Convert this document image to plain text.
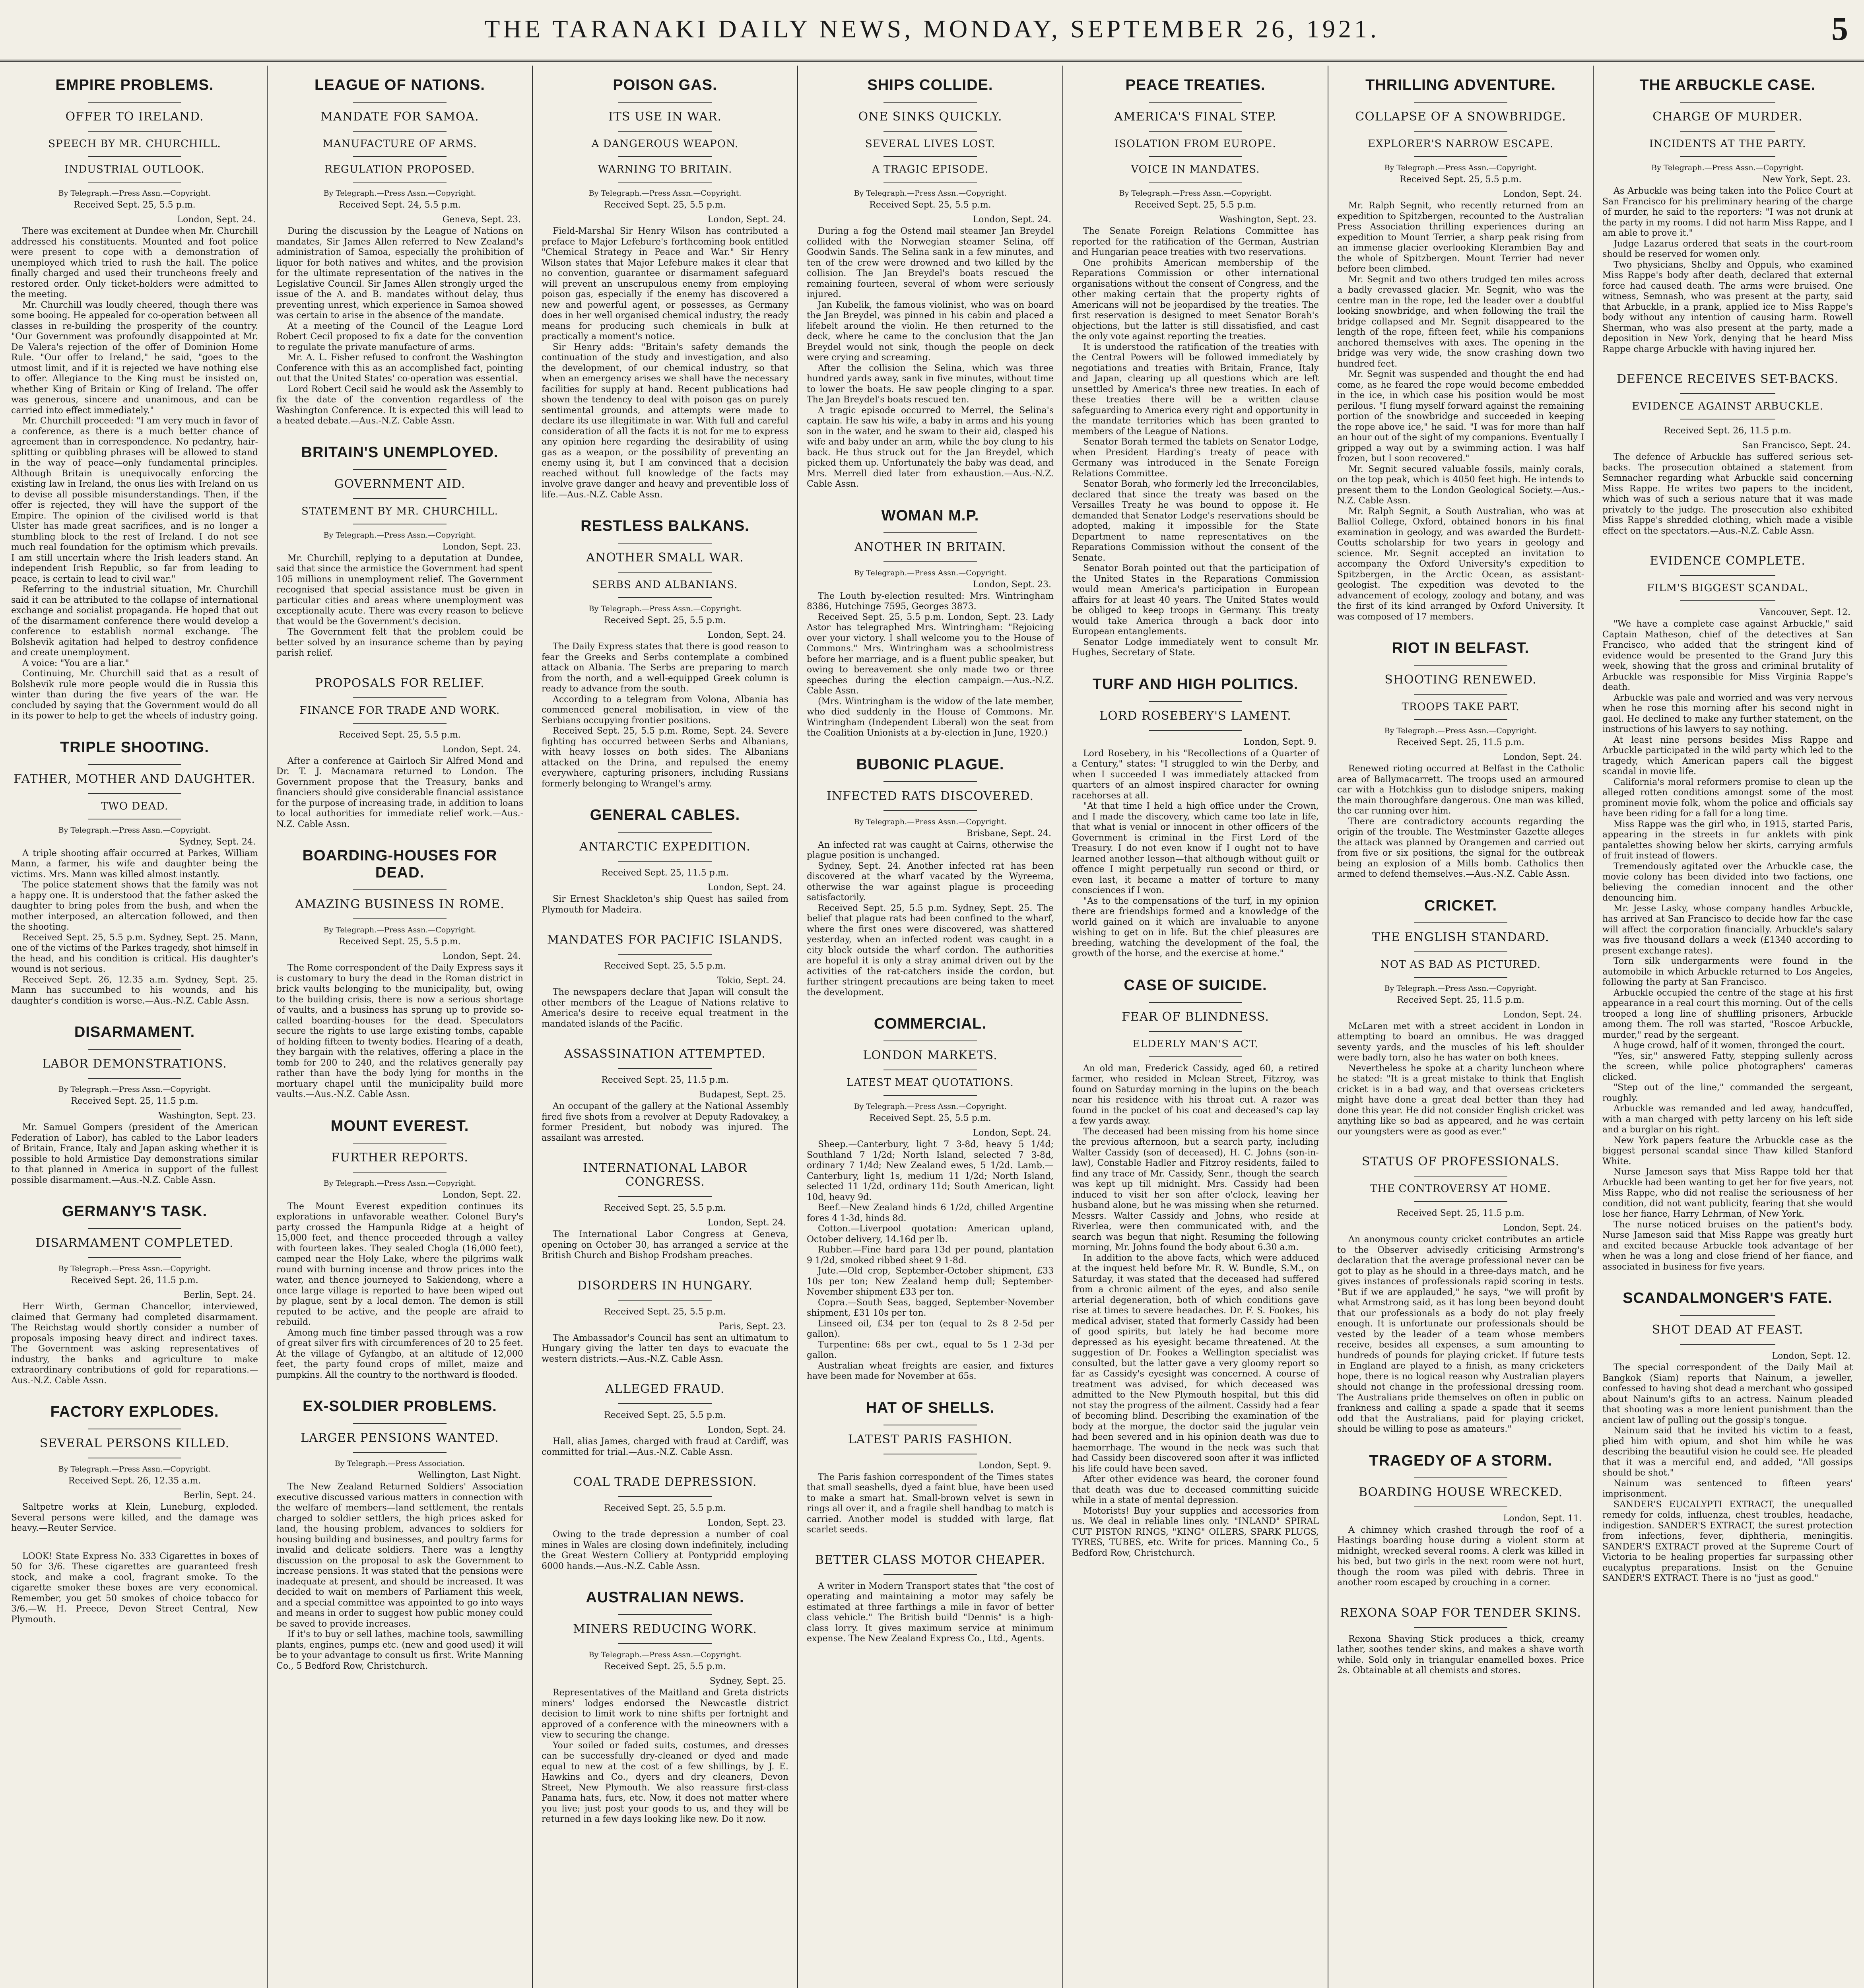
THE TARANAKI DAILY NEWS, MONDAY, SEPTEMBER 26, 1921.	5
EMPIRE PROBLEMS.
OFFER TO IRELAND.
SPEECH BY MR. CHURCHILL.
INDUSTRIAL OUTLOOK.
By Telegraph.—Press Assn.—Copyright.
Received Sept. 25, 5.5 p.m.
London, Sept. 24.

There was excitement at Dundee when Mr. Churchill addressed his constituents. Mounted and foot police were present to cope with a demonstration of unemployed which tried to rush the hall. The police finally charged and used their truncheons freely and restored order. Only ticket-holders were admitted to the meeting.

Mr. Churchill was loudly cheered, though there was some booing. He appealed for co-operation between all classes in re-building the prosperity of the country. "Our Government was profoundly disappointed at Mr. De Valera's rejection of the offer of Dominion Home Rule. "Our offer to Ireland," he said, "goes to the utmost limit, and if it is rejected we have nothing else to offer. Allegiance to the King must be insisted on, whether King of Britain or King of Ireland. The offer was generous, sincere and unanimous, and can be carried into effect immediately."

Mr. Churchill proceeded: "I am very much in favor of a conference, as there is a much better chance of agreement than in correspondence. No pedantry, hair-splitting or quibbling phrases will be allowed to stand in the way of peace—only fundamental principles. Although Britain is unequivocally enforcing the existing law in Ireland, the onus lies with Ireland on us to devise all possible misunderstandings. Then, if the offer is rejected, they will have the support of the Empire. The opinion of the civilised world is that Ulster has made great sacrifices, and is no longer a stumbling block to the rest of Ireland. I do not see much real foundation for the optimism which prevails. I am still uncertain where the Irish leaders stand. An independent Irish Republic, so far from leading to peace, is certain to lead to civil war."

Referring to the industrial situation, Mr. Churchill said it can be attributed to the collapse of international exchange and socialist propaganda. He hoped that out of the disarmament conference there would develop a conference to establish normal exchange. The Bolshevik agitation had helped to destroy confidence and create unemployment.

A voice: "You are a liar."

Continuing, Mr. Churchill said that as a result of Bolshevik rule more people would die in Russia this winter than during the five years of the war. He concluded by saying that the Government would do all in its power to help to get the wheels of industry going.

TRIPLE SHOOTING.
FATHER, MOTHER AND DAUGHTER.
TWO DEAD.
By Telegraph.—Press Assn.—Copyright.
Sydney, Sept. 24.

A triple shooting affair occurred at Parkes, William Mann, a farmer, his wife and daughter being the victims. Mrs. Mann was killed almost instantly.

The police statement shows that the family was not a happy one. It is understood that the father asked the daughter to bring poles from the bush, and when the mother interposed, an altercation followed, and then the shooting.

Received Sept. 25, 5.5 p.m. Sydney, Sept. 25. Mann, one of the victims of the Parkes tragedy, shot himself in the head, and his condition is critical. His daughter's wound is not serious.

Received Sept. 26, 12.35 a.m. Sydney, Sept. 25. Mann has succumbed to his wounds, and his daughter's condition is worse.—Aus.-N.Z. Cable Assn.

DISARMAMENT.
LABOR DEMONSTRATIONS.
By Telegraph.—Press Assn.—Copyright.
Received Sept. 25, 11.5 p.m.
Washington, Sept. 23.

Mr. Samuel Gompers (president of the American Federation of Labor), has cabled to the Labor leaders of Britain, France, Italy and Japan asking whether it is possible to hold Armistice Day demonstrations similar to that planned in America in support of the fullest possible disarmament.—Aus.-N.Z. Cable Assn.

GERMANY'S TASK.
DISARMAMENT COMPLETED.
By Telegraph.—Press Assn.—Copyright.
Received Sept. 26, 11.5 p.m.
Berlin, Sept. 24.

Herr Wirth, German Chancellor, interviewed, claimed that Germany had completed disarmament. The Reichstag would shortly consider a number of proposals imposing heavy direct and indirect taxes. The Government was asking representatives of industry, the banks and agriculture to make extraordinary contributions of gold for reparations.—Aus.-N.Z. Cable Assn.

FACTORY EXPLODES.
SEVERAL PERSONS KILLED.
By Telegraph.—Press Assn.—Copyright.
Received Sept. 26, 12.35 a.m.
Berlin, Sept. 24.

Saltpetre works at Klein, Luneburg, exploded. Several persons were killed, and the damage was heavy.—Reuter Service.

LOOK! State Express No. 333 Cigarettes in boxes of 50 for 3/6. These cigarettes are guaranteed fresh stock, and make a cool, fragrant smoke. To the cigarette smoker these boxes are very economical. Remember, you get 50 smokes of choice tobacco for 3/6.—W. H. Preece, Devon Street Central, New Plymouth.

LEAGUE OF NATIONS.
MANDATE FOR SAMOA.
MANUFACTURE OF ARMS.
REGULATION PROPOSED.
By Telegraph.—Press Assn.—Copyright.
Received Sept. 24, 5.5 p.m.
Geneva, Sept. 23.

During the discussion by the League of Nations on mandates, Sir James Allen referred to New Zealand's administration of Samoa, especially the prohibition of liquor for both natives and whites, and the provision for the ultimate representation of the natives in the Legislative Council. Sir James Allen strongly urged the issue of the A. and B. mandates without delay, thus preventing unrest, which experience in Samoa showed was certain to arise in the absence of the mandate.

At a meeting of the Council of the League Lord Robert Cecil proposed to fix a date for the convention to regulate the private manufacture of arms.

Mr. A. L. Fisher refused to confront the Washington Conference with this as an accomplished fact, pointing out that the United States' co-operation was essential.

Lord Robert Cecil said he would ask the Assembly to fix the date of the convention regardless of the Washington Conference. It is expected this will lead to a heated debate.—Aus.-N.Z. Cable Assn.

BRITAIN'S UNEMPLOYED.
GOVERNMENT AID.
STATEMENT BY MR. CHURCHILL.
By Telegraph.—Press Assn.—Copyright.
London, Sept. 23.

Mr. Churchill, replying to a deputation at Dundee, said that since the armistice the Government had spent 105 millions in unemployment relief. The Government recognised that special assistance must be given in particular cities and areas where unemployment was exceptionally acute. There was every reason to believe that would be the Government's decision.

The Government felt that the problem could be better solved by an insurance scheme than by paying parish relief.

PROPOSALS FOR RELIEF.
FINANCE FOR TRADE AND WORK.
Received Sept. 25, 5.5 p.m.
London, Sept. 24.

After a conference at Gairloch Sir Alfred Mond and Dr. T. J. Macnamara returned to London. The Government propose that the Treasury, banks and financiers should give considerable financial assistance for the purpose of increasing trade, in addition to loans to local authorities for immediate relief work.—Aus.-N.Z. Cable Assn.

BOARDING-HOUSES FOR DEAD.
AMAZING BUSINESS IN ROME.
By Telegraph.—Press Assn.—Copyright.
Received Sept. 25, 5.5 p.m.
London, Sept. 24.

The Rome correspondent of the Daily Express says it is customary to bury the dead in the Roman district in brick vaults belonging to the municipality, but, owing to the building crisis, there is now a serious shortage of vaults, and a business has sprung up to provide so-called boarding-houses for the dead. Speculators secure the rights to use large existing tombs, capable of holding fifteen to twenty bodies. Hearing of a death, they bargain with the relatives, offering a place in the tomb for 200 to 240, and the relatives generally pay rather than have the body lying for months in the mortuary chapel until the municipality build more vaults.—Aus.-N.Z. Cable Assn.

MOUNT EVEREST.
FURTHER REPORTS.
By Telegraph.—Press Assn.—Copyright.
London, Sept. 22.

The Mount Everest expedition continues its explorations in unfavorable weather. Colonel Bury's party crossed the Hampunla Ridge at a height of 15,000 feet, and thence proceeded through a valley with fourteen lakes. They sealed Chogla (16,000 feet), camped near the Holy Lake, where the pilgrims walk round with burning incense and throw prices into the water, and thence journeyed to Sakiendong, where a once large village is reported to have been wiped out by plague, sent by a local demon. The demon is still reputed to be active, and the people are afraid to rebuild.

Among much fine timber passed through was a row of great silver firs with circumferences of 20 to 25 feet. At the village of Gyfangbo, at an altitude of 12,000 feet, the party found crops of millet, maize and pumpkins. All the country to the northward is flooded.

EX-SOLDIER PROBLEMS.
LARGER PENSIONS WANTED.
By Telegraph.—Press Association.
Wellington, Last Night.

The New Zealand Returned Soldiers' Association executive discussed various matters in connection with the welfare of members—land settlement, the rentals charged to soldier settlers, the high prices asked for land, the housing problem, advances to soldiers for housing building and businesses, and poultry farms for invalid and delicate soldiers. There was a lengthy discussion on the proposal to ask the Government to increase pensions. It was stated that the pensions were inadequate at present, and should be increased. It was decided to wait on members of Parliament this week, and a special committee was appointed to go into ways and means in order to suggest how public money could be saved to provide increases.

If it's to buy or sell lathes, machine tools, sawmilling plants, engines, pumps etc. (new and good used) it will be to your advantage to consult us first. Write Manning Co., 5 Bedford Row, Christchurch.

POISON GAS.
ITS USE IN WAR.
A DANGEROUS WEAPON.
WARNING TO BRITAIN.
By Telegraph.—Press Assn.—Copyright.
Received Sept. 25, 5.5 p.m.
London, Sept. 24.

Field-Marshal Sir Henry Wilson has contributed a preface to Major Lefebure's forthcoming book entitled "Chemical Strategy in Peace and War." Sir Henry Wilson states that Major Lefebure makes it clear that no convention, guarantee or disarmament safeguard will prevent an unscrupulous enemy from employing poison gas, especially if the enemy has discovered a new and powerful agent, or possesses, as Germany does in her well organised chemical industry, the ready means for producing such chemicals in bulk at practically a moment's notice.

Sir Henry adds: "Britain's safety demands the continuation of the study and investigation, and also the development, of our chemical industry, so that when an emergency arises we shall have the necessary facilities for supply at hand. Recent publications had shown the tendency to deal with poison gas on purely sentimental grounds, and attempts were made to declare its use illegitimate in war. With full and careful consideration of all the facts it is not for me to express any opinion here regarding the desirability of using gas as a weapon, or the possibility of preventing an enemy using it, but I am convinced that a decision reached without full knowledge of the facts may involve grave danger and heavy and preventible loss of life.—Aus.-N.Z. Cable Assn.

RESTLESS BALKANS.
ANOTHER SMALL WAR.
SERBS AND ALBANIANS.
By Telegraph.—Press Assn.—Copyright.
Received Sept. 25, 5.5 p.m.
London, Sept. 24.

The Daily Express states that there is good reason to fear the Greeks and Serbs contemplate a combined attack on Albania. The Serbs are preparing to march from the north, and a well-equipped Greek column is ready to advance from the south.

According to a telegram from Volona, Albania has commenced general mobilisation, in view of the Serbians occupying frontier positions.

Received Sept. 25, 5.5 p.m. Rome, Sept. 24. Severe fighting has occurred between Serbs and Albanians, with heavy losses on both sides. The Albanians attacked on the Drina, and repulsed the enemy everywhere, capturing prisoners, including Russians formerly belonging to Wrangel's army.

GENERAL CABLES.
ANTARCTIC EXPEDITION.
Received Sept. 25, 11.5 p.m.
London, Sept. 24.

Sir Ernest Shackleton's ship Quest has sailed from Plymouth for Madeira.

MANDATES FOR PACIFIC ISLANDS.
Received Sept. 25, 5.5 p.m.
Tokio, Sept. 24.

The newspapers declare that Japan will consult the other members of the League of Nations relative to America's desire to receive equal treatment in the mandated islands of the Pacific.

ASSASSINATION ATTEMPTED.
Received Sept. 25, 11.5 p.m.
Budapest, Sept. 25.

An occupant of the gallery at the National Assembly fired five shots from a revolver at Deputy Radovakey, a former President, but nobody was injured. The assailant was arrested.

INTERNATIONAL LABOR CONGRESS.
Received Sept. 25, 5.5 p.m.
London, Sept. 24.

The International Labor Congress at Geneva, opening on October 30, has arranged a service at the British Church and Bishop Frodsham preaches.

DISORDERS IN HUNGARY.
Received Sept. 25, 5.5 p.m.
Paris, Sept. 23.

The Ambassador's Council has sent an ultimatum to Hungary giving the latter ten days to evacuate the western districts.—Aus.-N.Z. Cable Assn.

ALLEGED FRAUD.
Received Sept. 25, 5.5 p.m.
London, Sept. 24.

Hall, alias James, charged with fraud at Cardiff, was committed for trial.—Aus.-N.Z. Cable Assn.

COAL TRADE DEPRESSION.
Received Sept. 25, 5.5 p.m.
London, Sept. 23.

Owing to the trade depression a number of coal mines in Wales are closing down indefinitely, including the Great Western Colliery at Pontypridd employing 6000 hands.—Aus.-N.Z. Cable Assn.

AUSTRALIAN NEWS.
MINERS REDUCING WORK.
By Telegraph.—Press Assn.—Copyright.
Received Sept. 25, 5.5 p.m.
Sydney, Sept. 25.

Representatives of the Maitland and Greta districts miners' lodges endorsed the Newcastle district decision to limit work to nine shifts per fortnight and approved of a conference with the mineowners with a view to securing the change.

Your soiled or faded suits, costumes, and dresses can be successfully dry-cleaned or dyed and made equal to new at the cost of a few shillings, by J. E. Hawkins and Co., dyers and dry cleaners, Devon Street, New Plymouth. We also reassure first-class Panama hats, furs, etc. Now, it does not matter where you live; just post your goods to us, and they will be returned in a few days looking like new. Do it now.

SHIPS COLLIDE.
ONE SINKS QUICKLY.
SEVERAL LIVES LOST.
A TRAGIC EPISODE.
By Telegraph.—Press Assn.—Copyright.
Received Sept. 25, 5.5 p.m.
London, Sept. 24.

During a fog the Ostend mail steamer Jan Breydel collided with the Norwegian steamer Selina, off Goodwin Sands. The Selina sank in a few minutes, and ten of the crew were drowned and two killed by the collision. The Jan Breydel's boats rescued the remaining fourteen, several of whom were seriously injured.

Jan Kubelik, the famous violinist, who was on board the Jan Breydel, was pinned in his cabin and placed a lifebelt around the violin. He then returned to the deck, where he came to the conclusion that the Jan Breydel would not sink, though the people on deck were crying and screaming.

After the collision the Selina, which was three hundred yards away, sank in five minutes, without time to lower the boats. He saw people clinging to a spar. The Jan Breydel's boats rescued ten.

A tragic episode occurred to Merrel, the Selina's captain. He saw his wife, a baby in arms and his young son in the water, and he swam to their aid, clasped his wife and baby under an arm, while the boy clung to his back. He thus struck out for the Jan Breydel, which picked them up. Unfortunately the baby was dead, and Mrs. Merrell died later from exhaustion.—Aus.-N.Z. Cable Assn.

WOMAN M.P.
ANOTHER IN BRITAIN.
By Telegraph.—Press Assn.—Copyright.
London, Sept. 23.

The Louth by-election resulted: Mrs. Wintringham 8386, Hutchinge 7595, Georges 3873.

Received Sept. 25, 5.5 p.m. London, Sept. 23. Lady Astor has telegraphed Mrs. Wintringham: "Rejoicing over your victory. I shall welcome you to the House of Commons." Mrs. Wintringham was a schoolmistress before her marriage, and is a fluent public speaker, but owing to bereavement she only made two or three speeches during the election campaign.—Aus.-N.Z. Cable Assn.

(Mrs. Wintringham is the widow of the late member, who died suddenly in the House of Commons. Mr. Wintringham (Independent Liberal) won the seat from the Coalition Unionists at a by-election in June, 1920.)

BUBONIC PLAGUE.
INFECTED RATS DISCOVERED.
By Telegraph.—Press Assn.—Copyright.
Brisbane, Sept. 24.

An infected rat was caught at Cairns, otherwise the plague position is unchanged.

Sydney, Sept. 24. Another infected rat has been discovered at the wharf vacated by the Wyreema, otherwise the war against plague is proceeding satisfactorily.

Received Sept. 25, 5.5 p.m. Sydney, Sept. 25. The belief that plague rats had been confined to the wharf, where the first ones were discovered, was shattered yesterday, when an infected rodent was caught in a city block outside the wharf cordon. The authorities are hopeful it is only a stray animal driven out by the activities of the rat-catchers inside the cordon, but further stringent precautions are being taken to meet the development.

COMMERCIAL.
LONDON MARKETS.
LATEST MEAT QUOTATIONS.
By Telegraph.—Press Assn.—Copyright.
Received Sept. 25, 5.5 p.m.
London, Sept. 24.

Sheep.—Canterbury, light 7 3-8d, heavy 5 1/4d; Southland 7 1/2d; North Island, selected 7 3-8d, ordinary 7 1/4d; New Zealand ewes, 5 1/2d. Lamb.—Canterbury, light 1s, medium 11 1/2d; North Island, selected 11 1/2d, ordinary 11d; South American, light 10d, heavy 9d.

Beef.—New Zealand hinds 6 1/2d, chilled Argentine fores 4 1-3d, hinds 8d.

Cotton.—Liverpool quotation: American upland, October delivery, 14.16d per lb.

Rubber.—Fine hard para 13d per pound, plantation 9 1/2d, smoked ribbed sheet 9 1-8d.

Jute.—Old crop, September-October shipment, £33 10s per ton; New Zealand hemp dull; September-November shipment £33 per ton.

Copra.—South Seas, bagged, September-November shipment, £31 10s per ton.

Linseed oil, £34 per ton (equal to 2s 8 2-5d per gallon).

Turpentine: 68s per cwt., equal to 5s 1 2-3d per gallon.

Australian wheat freights are easier, and fixtures have been made for November at 65s.

HAT OF SHELLS.
LATEST PARIS FASHION.
London, Sept. 9.

The Paris fashion correspondent of the Times states that small seashells, dyed a faint blue, have been used to make a smart hat. Small-brown velvet is sewn in rings all over it, and a fragile shell handbag to match is carried. Another model is studded with large, flat scarlet seeds.

BETTER CLASS MOTOR CHEAPER.

A writer in Modern Transport states that "the cost of operating and maintaining a motor may safely be estimated at three farthings a mile in favor of better class vehicle." The British build "Dennis" is a high-class lorry. It gives maximum service at minimum expense. The New Zealand Express Co., Ltd., Agents.

PEACE TREATIES.
AMERICA'S FINAL STEP.
ISOLATION FROM EUROPE.
VOICE IN MANDATES.
By Telegraph.—Press Assn.—Copyright.
Received Sept. 25, 5.5 p.m.
Washington, Sept. 23.

The Senate Foreign Relations Committee has reported for the ratification of the German, Austrian and Hungarian peace treaties with two reservations.

One prohibits American membership of the Reparations Commission or other international organisations without the consent of Congress, and the other making certain that the property rights of Americans will not be jeopardised by the treaties. The first reservation is designed to meet Senator Borah's objections, but the latter is still dissatisfied, and cast the only vote against reporting the treaties.

It is understood the ratification of the treaties with the Central Powers will be followed immediately by negotiations and treaties with Britain, France, Italy and Japan, clearing up all questions which are left unsettled by America's three new treaties. In each of these treaties there will be a written clause safeguarding to America every right and opportunity in the mandate territories which has been granted to members of the League of Nations.

Senator Borah termed the tablets on Senator Lodge, when President Harding's treaty of peace with Germany was introduced in the Senate Foreign Relations Committee.

Senator Borah, who formerly led the Irreconcilables, declared that since the treaty was based on the Versailles Treaty he was bound to oppose it. He demanded that Senator Lodge's reservations should be adopted, making it impossible for the State Department to name representatives on the Reparations Commission without the consent of the Senate.

Senator Borah pointed out that the participation of the United States in the Reparations Commission would mean America's participation in European affairs for at least 40 years. The United States would be obliged to keep troops in Germany. This treaty would take America through a back door into European entanglements.

Senator Lodge immediately went to consult Mr. Hughes, Secretary of State.

TURF AND HIGH POLITICS.
LORD ROSEBERY'S LAMENT.
London, Sept. 9.

Lord Rosebery, in his "Recollections of a Quarter of a Century," states: "I struggled to win the Derby, and when I succeeded I was immediately attacked from quarters of an almost inspired character for owning racehorses at all.

"At that time I held a high office under the Crown, and I made the discovery, which came too late in life, that what is venial or innocent in other officers of the Government is criminal in the First Lord of the Treasury. I do not even know if I ought not to have learned another lesson—that although without guilt or offence I might perpetually run second or third, or even last, it became a matter of torture to many consciences if I won.

"As to the compensations of the turf, in my opinion there are friendships formed and a knowledge of the world gained on it which are invaluable to anyone wishing to get on in life. But the chief pleasures are breeding, watching the development of the foal, the growth of the horse, and the exercise at home."

CASE OF SUICIDE.
FEAR OF BLINDNESS.
ELDERLY MAN'S ACT.

An old man, Frederick Cassidy, aged 60, a retired farmer, who resided in Mclean Street, Fitzroy, was found on Saturday morning in the lupins on the beach near his residence with his throat cut. A razor was found in the pocket of his coat and deceased's cap lay a few yards away.

The deceased had been missing from his home since the previous afternoon, but a search party, including Walter Cassidy (son of deceased), H. C. Johns (son-in-law), Constable Hadler and Fitzroy residents, failed to find any trace of Mr. Cassidy, Senr., though the search was kept up till midnight. Mrs. Cassidy had been induced to visit her son after o'clock, leaving her husband alone, but he was missing when she returned. Messrs. Walter Cassidy and Johns, who reside at Riverlea, were then communicated with, and the search was begun that night. Resuming the following morning, Mr. Johns found the body about 6.30 a.m.

In addition to the above facts, which were adduced at the inquest held before Mr. R. W. Bundle, S.M., on Saturday, it was stated that the deceased had suffered from a chronic ailment of the eyes, and also senile arterial degeneration, both of which conditions gave rise at times to severe headaches. Dr. F. S. Fookes, his medical adviser, stated that formerly Cassidy had been of good spirits, but lately he had become more depressed as his eyesight became threatened. At the suggestion of Dr. Fookes a Wellington specialist was consulted, but the latter gave a very gloomy report so far as Cassidy's eyesight was concerned. A course of treatment was advised, for which deceased was admitted to the New Plymouth hospital, but this did not stay the progress of the ailment. Cassidy had a fear of becoming blind. Describing the examination of the body at the morgue, the doctor said the jugular vein had been severed and in his opinion death was due to haemorrhage. The wound in the neck was such that had Cassidy been discovered soon after it was inflicted his life could have been saved.

After other evidence was heard, the coroner found that death was due to deceased committing suicide while in a state of mental depression.

Motorists! Buy your supplies and accessories from us. We deal in reliable lines only. "INLAND" SPIRAL CUT PISTON RINGS, "KING" OILERS, SPARK PLUGS, TYRES, TUBES, etc. Write for prices. Manning Co., 5 Bedford Row, Christchurch.

THRILLING ADVENTURE.
COLLAPSE OF A SNOWBRIDGE.
EXPLORER'S NARROW ESCAPE.
By Telegraph.—Press Assn.—Copyright.
Received Sept. 25, 5.5 p.m.
London, Sept. 24.

Mr. Ralph Segnit, who recently returned from an expedition to Spitzbergen, recounted to the Australian Press Association thrilling experiences during an expedition to Mount Terrier, a sharp peak rising from an immense glacier overlooking Klerambien Bay and the whole of Spitzbergen. Mount Terrier had never before been climbed.

Mr. Segnit and two others trudged ten miles across a badly crevassed glacier. Mr. Segnit, who was the centre man in the rope, led the leader over a doubtful looking snowbridge, and when following the trail the bridge collapsed and Mr. Segnit disappeared to the length of the rope, fifteen feet, while his companions anchored themselves with axes. The opening in the bridge was very wide, the snow crashing down two hundred feet.

Mr. Segnit was suspended and thought the end had come, as he feared the rope would become embedded in the ice, in which case his position would be most perilous. "I flung myself forward against the remaining portion of the snowbridge and succeeded in keeping the rope above ice," he said. "I was for more than half an hour out of the sight of my companions. Eventually I gripped a way out by a swimming action. I was half frozen, but I soon recovered."

Mr. Segnit secured valuable fossils, mainly corals, on the top peak, which is 4050 feet high. He intends to present them to the London Geological Society.—Aus.-N.Z. Cable Assn.

Mr. Ralph Segnit, a South Australian, who was at Balliol College, Oxford, obtained honors in his final examination in geology, and was awarded the Burdett-Coutts scholarship for two years in geology and science. Mr. Segnit accepted an invitation to accompany the Oxford University's expedition to Spitzbergen, in the Arctic Ocean, as assistant-geologist. The expedition was devoted to the advancement of ecology, zoology and botany, and was the first of its kind arranged by Oxford University. It was composed of 17 members.

RIOT IN BELFAST.
SHOOTING RENEWED.
TROOPS TAKE PART.
By Telegraph.—Press Assn.—Copyright.
Received Sept. 25, 11.5 p.m.
London, Sept. 24.

Renewed rioting occurred at Belfast in the Catholic area of Ballymacarrett. The troops used an armoured car with a Hotchkiss gun to dislodge snipers, making the main thoroughfare dangerous. One man was killed, the car running over him.

There are contradictory accounts regarding the origin of the trouble. The Westminster Gazette alleges the attack was planned by Orangemen and carried out from five or six positions, the signal for the outbreak being an explosion of a Mills bomb. Catholics then armed to defend themselves.—Aus.-N.Z. Cable Assn.

CRICKET.
THE ENGLISH STANDARD.
NOT AS BAD AS PICTURED.
By Telegraph.—Press Assn.—Copyright.
Received Sept. 25, 11.5 p.m.
London, Sept. 24.

McLaren met with a street accident in London in attempting to board an omnibus. He was dragged seventy yards, and the muscles of his left shoulder were badly torn, also he has water on both knees.

Nevertheless he spoke at a charity luncheon where he stated: "It is a great mistake to think that English cricket is in a bad way, and that overseas cricketers might have done a great deal better than they had done this year. He did not consider English cricket was anything like so bad as appeared, and he was certain our youngsters were as good as ever."

STATUS OF PROFESSIONALS.
THE CONTROVERSY AT HOME.
Received Sept. 25, 11.5 p.m.
London, Sept. 24.

An anonymous county cricket contributes an article to the Observer advisedly criticising Armstrong's declaration that the average professional never can be got to play as he should in a three-days match, and he gives instances of professionals rapid scoring in tests. "But if we are applauded," he says, "we will profit by what Armstrong said, as it has long been beyond doubt that our professionals as a body do not play freely enough. It is unfortunate our professionals should be vested by the leader of a team whose members receive, besides all expenses, a sum amounting to hundreds of pounds for playing cricket. If future tests in England are played to a finish, as many cricketers hope, there is no logical reason why Australian players should not change in the professional dressing room. The Australians pride themselves on often in public on frankness and calling a spade a spade that it seems odd that the Australians, paid for playing cricket, should be willing to pose as amateurs."

TRAGEDY OF A STORM.
BOARDING HOUSE WRECKED.
London, Sept. 11.

A chimney which crashed through the roof of a Hastings boarding house during a violent storm at midnight, wrecked several rooms. A clerk was killed in his bed, but two girls in the next room were not hurt, though the room was piled with debris. Three in another room escaped by crouching in a corner.

REXONA SOAP FOR TENDER SKINS.

Rexona Shaving Stick produces a thick, creamy lather, soothes tender skins, and makes a shave worth while. Sold only in triangular enamelled boxes. Price 2s. Obtainable at all chemists and stores.

THE ARBUCKLE CASE.
CHARGE OF MURDER.
INCIDENTS AT THE PARTY.
By Telegraph.—Press Assn.—Copyright.
New York, Sept. 23.

As Arbuckle was being taken into the Police Court at San Francisco for his preliminary hearing of the charge of murder, he said to the reporters: "I was not drunk at the party in my rooms. I did not harm Miss Rappe, and I am able to prove it."

Judge Lazarus ordered that seats in the court-room should be reserved for women only.

Two physicians, Shelby and Oppuls, who examined Miss Rappe's body after death, declared that external force had caused death. The arms were bruised. One witness, Semnash, who was present at the party, said that Arbuckle, in a prank, applied ice to Miss Rappe's body without any intention of causing harm. Rowell Sherman, who was also present at the party, made a deposition in New York, denying that he heard Miss Rappe charge Arbuckle with having injured her.

DEFENCE RECEIVES SET-BACKS.
EVIDENCE AGAINST ARBUCKLE.
Received Sept. 26, 11.5 p.m.
San Francisco, Sept. 24.

The defence of Arbuckle has suffered serious set-backs. The prosecution obtained a statement from Semnacher regarding what Arbuckle said concerning Miss Rappe. He writes two papers to the incident, which was of such a serious nature that it was made privately to the judge. The prosecution also exhibited Miss Rappe's shredded clothing, which made a visible effect on the spectators.—Aus.-N.Z. Cable Assn.

EVIDENCE COMPLETE.
FILM'S BIGGEST SCANDAL.
Vancouver, Sept. 12.

"We have a complete case against Arbuckle," said Captain Matheson, chief of the detectives at San Francisco, who added that the stringent kind of evidence would be presented to the Grand Jury this week, showing that the gross and criminal brutality of Arbuckle was responsible for Miss Virginia Rappe's death.

Arbuckle was pale and worried and was very nervous when he rose this morning after his second night in gaol. He declined to make any further statement, on the instructions of his lawyers to say nothing.

At least nine persons besides Miss Rappe and Arbuckle participated in the wild party which led to the tragedy, which American papers call the biggest scandal in movie life.

California's moral reformers promise to clean up the alleged rotten conditions amongst some of the most prominent movie folk, whom the police and officials say have been riding for a fall for a long time.

Miss Rappe was the girl who, in 1915, started Paris, appearing in the streets in fur anklets with pink pantalettes showing below her skirts, carrying armfuls of fruit instead of flowers.

Tremendously agitated over the Arbuckle case, the movie colony has been divided into two factions, one believing the comedian innocent and the other denouncing him.

Mr. Jesse Lasky, whose company handles Arbuckle, has arrived at San Francisco to decide how far the case will affect the corporation financially. Arbuckle's salary was five thousand dollars a week (£1340 according to present exchange rates).

Torn silk undergarments were found in the automobile in which Arbuckle returned to Los Angeles, following the party at San Francisco.

Arbuckle occupied the centre of the stage at his first appearance in a real court this morning. Out of the cells trooped a long line of shuffling prisoners, Arbuckle among them. The roll was started, "Roscoe Arbuckle, murder," read by the sergeant.

A huge crowd, half of it women, thronged the court.

"Yes, sir," answered Fatty, stepping sullenly across the screen, while police photographers' cameras clicked.

"Step out of the line," commanded the sergeant, roughly.

Arbuckle was remanded and led away, handcuffed, with a man charged with petty larceny on his left side and a burglar on his right.

New York papers feature the Arbuckle case as the biggest personal scandal since Thaw killed Stanford White.

Nurse Jameson says that Miss Rappe told her that Arbuckle had been wanting to get her for five years, not Miss Rappe, who did not realise the seriousness of her condition, did not want publicity, fearing that she would lose her fiance, Harry Lehrman, of New York.

The nurse noticed bruises on the patient's body. Nurse Jameson said that Miss Rappe was greatly hurt and excited because Arbuckle took advantage of her when he was a long and close friend of her fiance, and associated in business for five years.

SCANDALMONGER'S FATE.
SHOT DEAD AT FEAST.
London, Sept. 12.

The special correspondent of the Daily Mail at Bangkok (Siam) reports that Nainum, a jeweller, confessed to having shot dead a merchant who gossiped about Nainum's gifts to an actress. Nainum pleaded that shooting was a more lenient punishment than the ancient law of pulling out the gossip's tongue.

Nainum said that he invited his victim to a feast, plied him with opium, and shot him while he was describing the beautiful vision he could see. He pleaded that it was a merciful end, and added, "All gossips should be shot."

Nainum was sentenced to fifteen years' imprisonment.

SANDER'S EUCALYPTI EXTRACT, the unequalled remedy for colds, influenza, chest troubles, headache, indigestion. SANDER'S EXTRACT, the surest protection from infections, fever, diphtheria, meningitis. SANDER'S EXTRACT proved at the Supreme Court of Victoria to be healing properties far surpassing other eucalyptus preparations. Insist on the Genuine SANDER'S EXTRACT. There is no "just as good."
